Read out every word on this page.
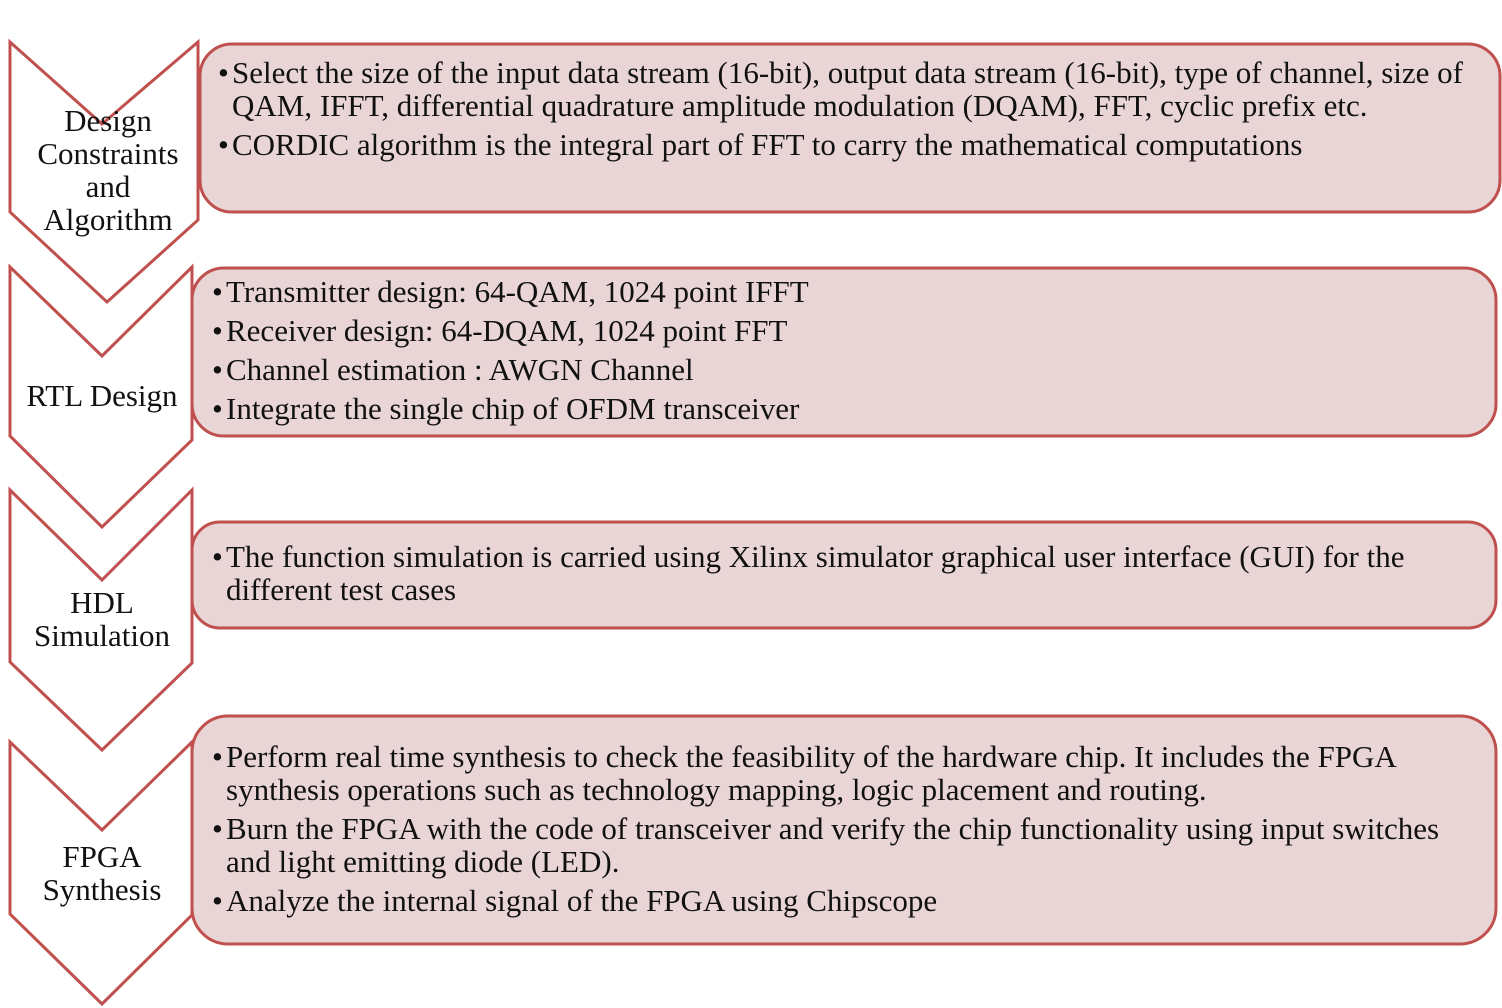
Design
Constraints
and
Algorithm
• Select the size of the input data stream (16-bit), output data stream (16-bit), type of channel, size of QAM, IFFT, differential quadrature amplitude modulation (DQAM), FFT, cyclic prefix etc.
• CORDIC algorithm is the integral part of FFT to carry the mathematical computations
RTL Design
• Transmitter design: 64-QAM, 1024 point IFFT
• Receiver design: 64-DQAM, 1024 point FFT
• Channel estimation : AWGN Channel
• Integrate the single chip of OFDM transceiver
HDL
Simulation
• The function simulation is carried using Xilinx simulator graphical user interface (GUI) for the different test cases
FPGA
Synthesis
• Perform real time synthesis to check the feasibility of the hardware chip. It includes the FPGA synthesis operations such as technology mapping, logic placement and routing.
• Burn the FPGA with the code of transceiver and verify the chip functionality using input switches and light emitting diode (LED).
• Analyze the internal signal of the FPGA using Chipscope
